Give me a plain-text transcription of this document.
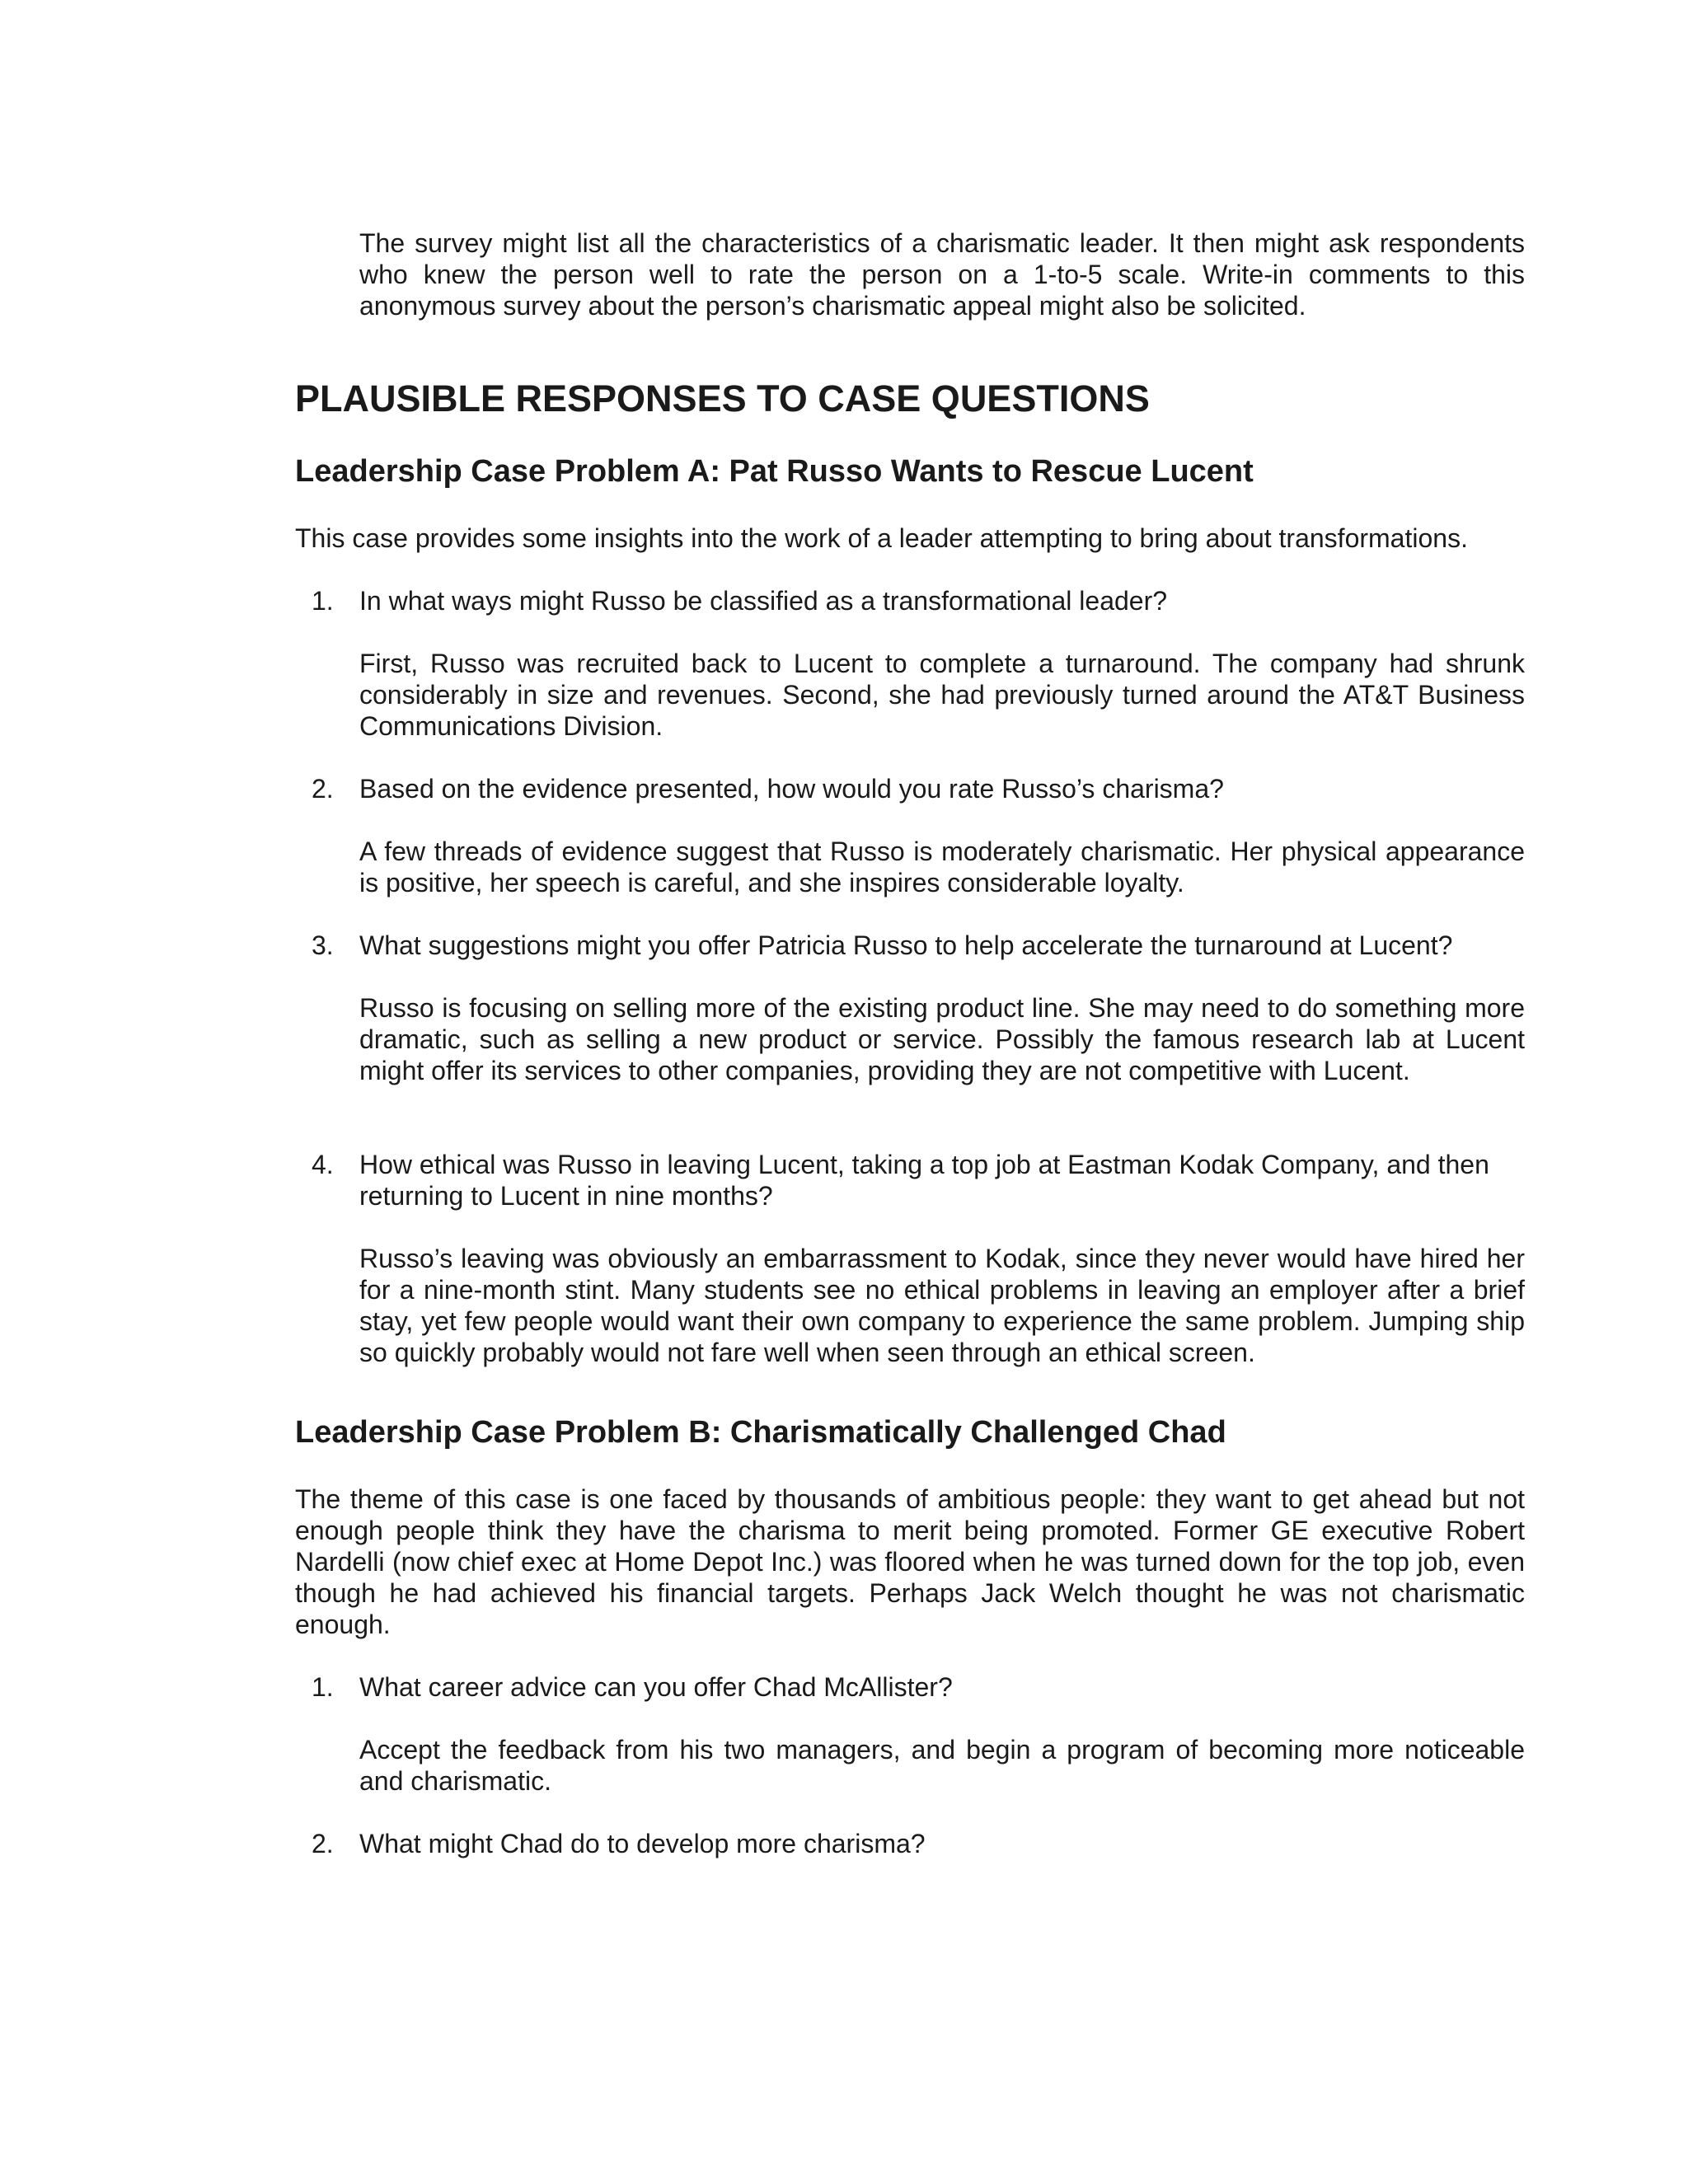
The survey might list all the characteristics of a charismatic leader. It then might ask respondents who knew the person well to rate the person on a 1-to-5 scale. Write-in comments to this anonymous survey about the person’s charismatic appeal might also be solicited.

PLAUSIBLE RESPONSES TO CASE QUESTIONS
Leadership Case Problem A: Pat Russo Wants to Rescue Lucent

This case provides some insights into the work of a leader attempting to bring about transformations.

1. In what ways might Russo be classified as a transformational leader?

First, Russo was recruited back to Lucent to complete a turnaround. The company had shrunk considerably in size and revenues. Second, she had previously turned around the AT&T Business Communications Division.

2. Based on the evidence presented, how would you rate Russo’s charisma?

A few threads of evidence suggest that Russo is moderately charismatic. Her physical appearance is positive, her speech is careful, and she inspires considerable loyalty.

3. What suggestions might you offer Patricia Russo to help accelerate the turnaround at Lucent?

Russo is focusing on selling more of the existing product line. She may need to do something more dramatic, such as selling a new product or service. Possibly the famous research lab at Lucent might offer its services to other companies, providing they are not competitive with Lucent.

4. How ethical was Russo in leaving Lucent, taking a top job at Eastman Kodak Company, and then returning to Lucent in nine months?

Russo’s leaving was obviously an embarrassment to Kodak, since they never would have hired her for a nine-month stint. Many students see no ethical problems in leaving an employer after a brief stay, yet few people would want their own company to experience the same problem. Jumping ship so quickly probably would not fare well when seen through an ethical screen.

Leadership Case Problem B: Charismatically Challenged Chad

The theme of this case is one faced by thousands of ambitious people: they want to get ahead but not enough people think they have the charisma to merit being promoted. Former GE executive Robert Nardelli (now chief exec at Home Depot Inc.) was floored when he was turned down for the top job, even though he had achieved his financial targets. Perhaps Jack Welch thought he was not charismatic enough.

1. What career advice can you offer Chad McAllister?

Accept the feedback from his two managers, and begin a program of becoming more noticeable and charismatic.

2. What might Chad do to develop more charisma?
